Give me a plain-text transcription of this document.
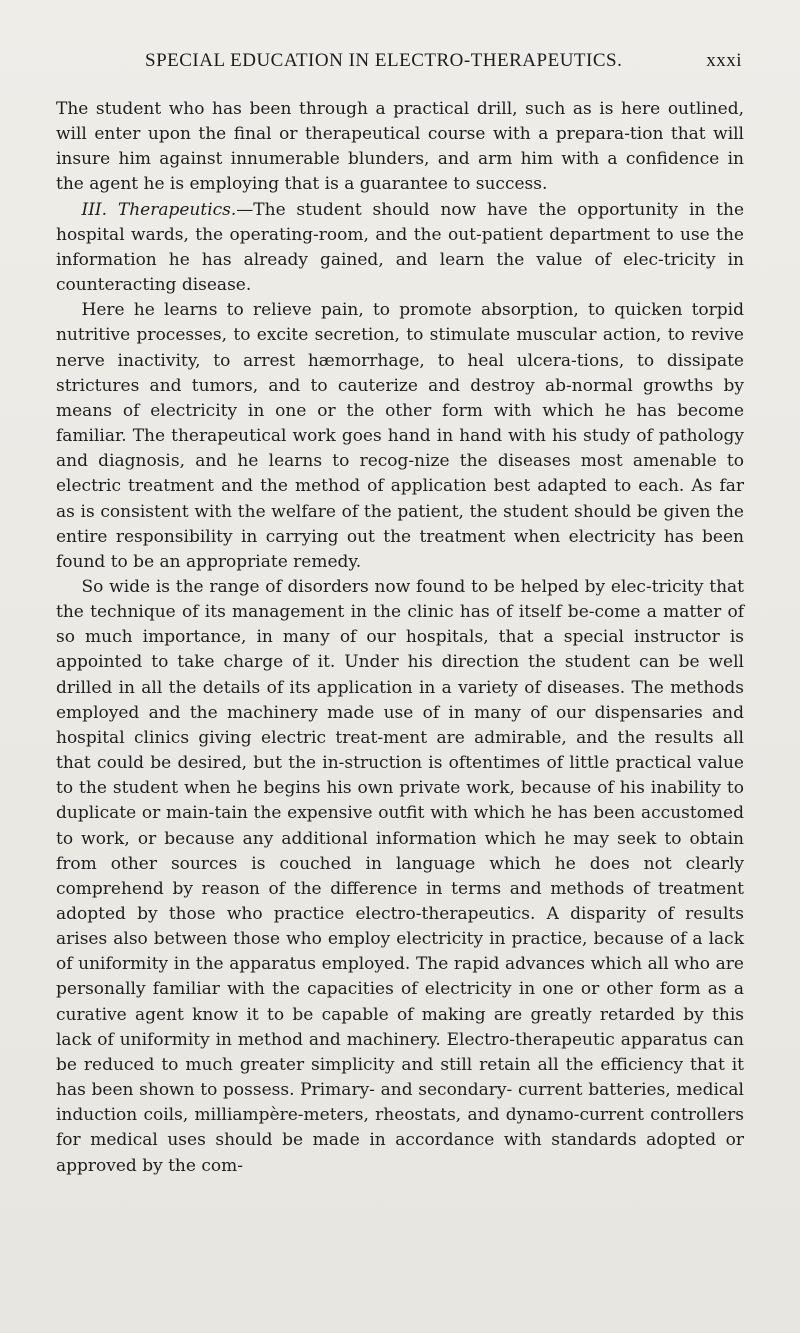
SPECIAL EDUCATION IN ELECTRO-THERAPEUTICS.	xxxi

The student who has been through a practical drill, such as is here outlined, will enter upon the final or therapeutical course with a prepara-tion that will insure him against innumerable blunders, and arm him with a confidence in the agent he is employing that is a guarantee to success.

III. Therapeutics.—The student should now have the opportunity in the hospital wards, the operating-room, and the out-patient department to use the information he has already gained, and learn the value of elec-tricity in counteracting disease.

Here he learns to relieve pain, to promote absorption, to quicken torpid nutritive processes, to excite secretion, to stimulate muscular action, to revive nerve inactivity, to arrest hæmorrhage, to heal ulcera-tions, to dissipate strictures and tumors, and to cauterize and destroy ab-normal growths by means of electricity in one or the other form with which he has become familiar. The therapeutical work goes hand in hand with his study of pathology and diagnosis, and he learns to recog-nize the diseases most amenable to electric treatment and the method of application best adapted to each. As far as is consistent with the welfare of the patient, the student should be given the entire responsibility in carrying out the treatment when electricity has been found to be an appropriate remedy.

So wide is the range of disorders now found to be helped by elec-tricity that the technique of its management in the clinic has of itself be-come a matter of so much importance, in many of our hospitals, that a special instructor is appointed to take charge of it. Under his direction the student can be well drilled in all the details of its application in a variety of diseases. The methods employed and the machinery made use of in many of our dispensaries and hospital clinics giving electric treat-ment are admirable, and the results all that could be desired, but the in-struction is oftentimes of little practical value to the student when he begins his own private work, because of his inability to duplicate or main-tain the expensive outfit with which he has been accustomed to work, or because any additional information which he may seek to obtain from other sources is couched in language which he does not clearly comprehend by reason of the difference in terms and methods of treatment adopted by those who practice electro-therapeutics. A disparity of results arises also between those who employ electricity in practice, because of a lack of uniformity in the apparatus employed. The rapid advances which all who are personally familiar with the capacities of electricity in one or other form as a curative agent know it to be capable of making are greatly retarded by this lack of uniformity in method and machinery. Electro-therapeutic apparatus can be reduced to much greater simplicity and still retain all the efficiency that it has been shown to possess. Primary- and secondary- current batteries, medical induction coils, milliampère-meters, rheostats, and dynamo-current controllers for medical uses should be made in accordance with standards adopted or approved by the com-
